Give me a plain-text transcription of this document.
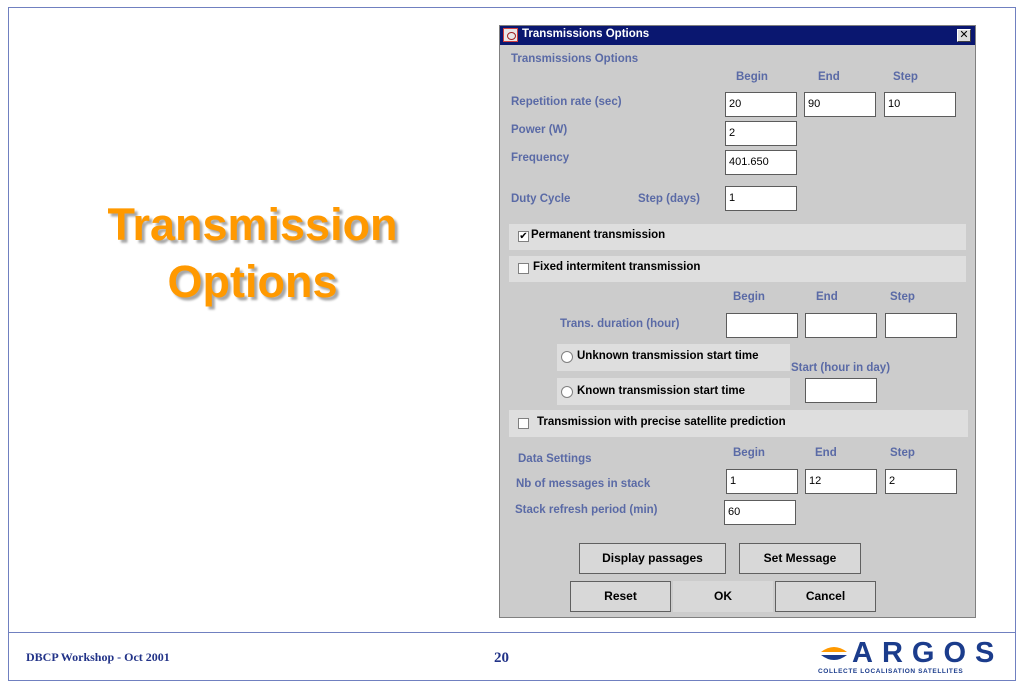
Transmission
Options
Transmissions Options	✕
Transmissions Options
Begin	End	Step
Repetition rate (sec)	20	90	10
Power (W)	2
Frequency	401.650
Duty Cycle	Step (days)	1
✔ Permanent transmission
Fixed intermitent transmission
Begin	End	Step
Trans. duration (hour)
Unknown transmission start time
Start (hour in day)
Known transmission start time
Transmission with precise satellite prediction
Data Settings	Begin	End	Step
Nb of messages in stack	1	12	2
Stack refresh period (min)	60
Display passages	Set Message
Reset	OK	Cancel
DBCP Workshop - Oct 2001	20	ARGOS
COLLECTE LOCALISATION SATELLITES
